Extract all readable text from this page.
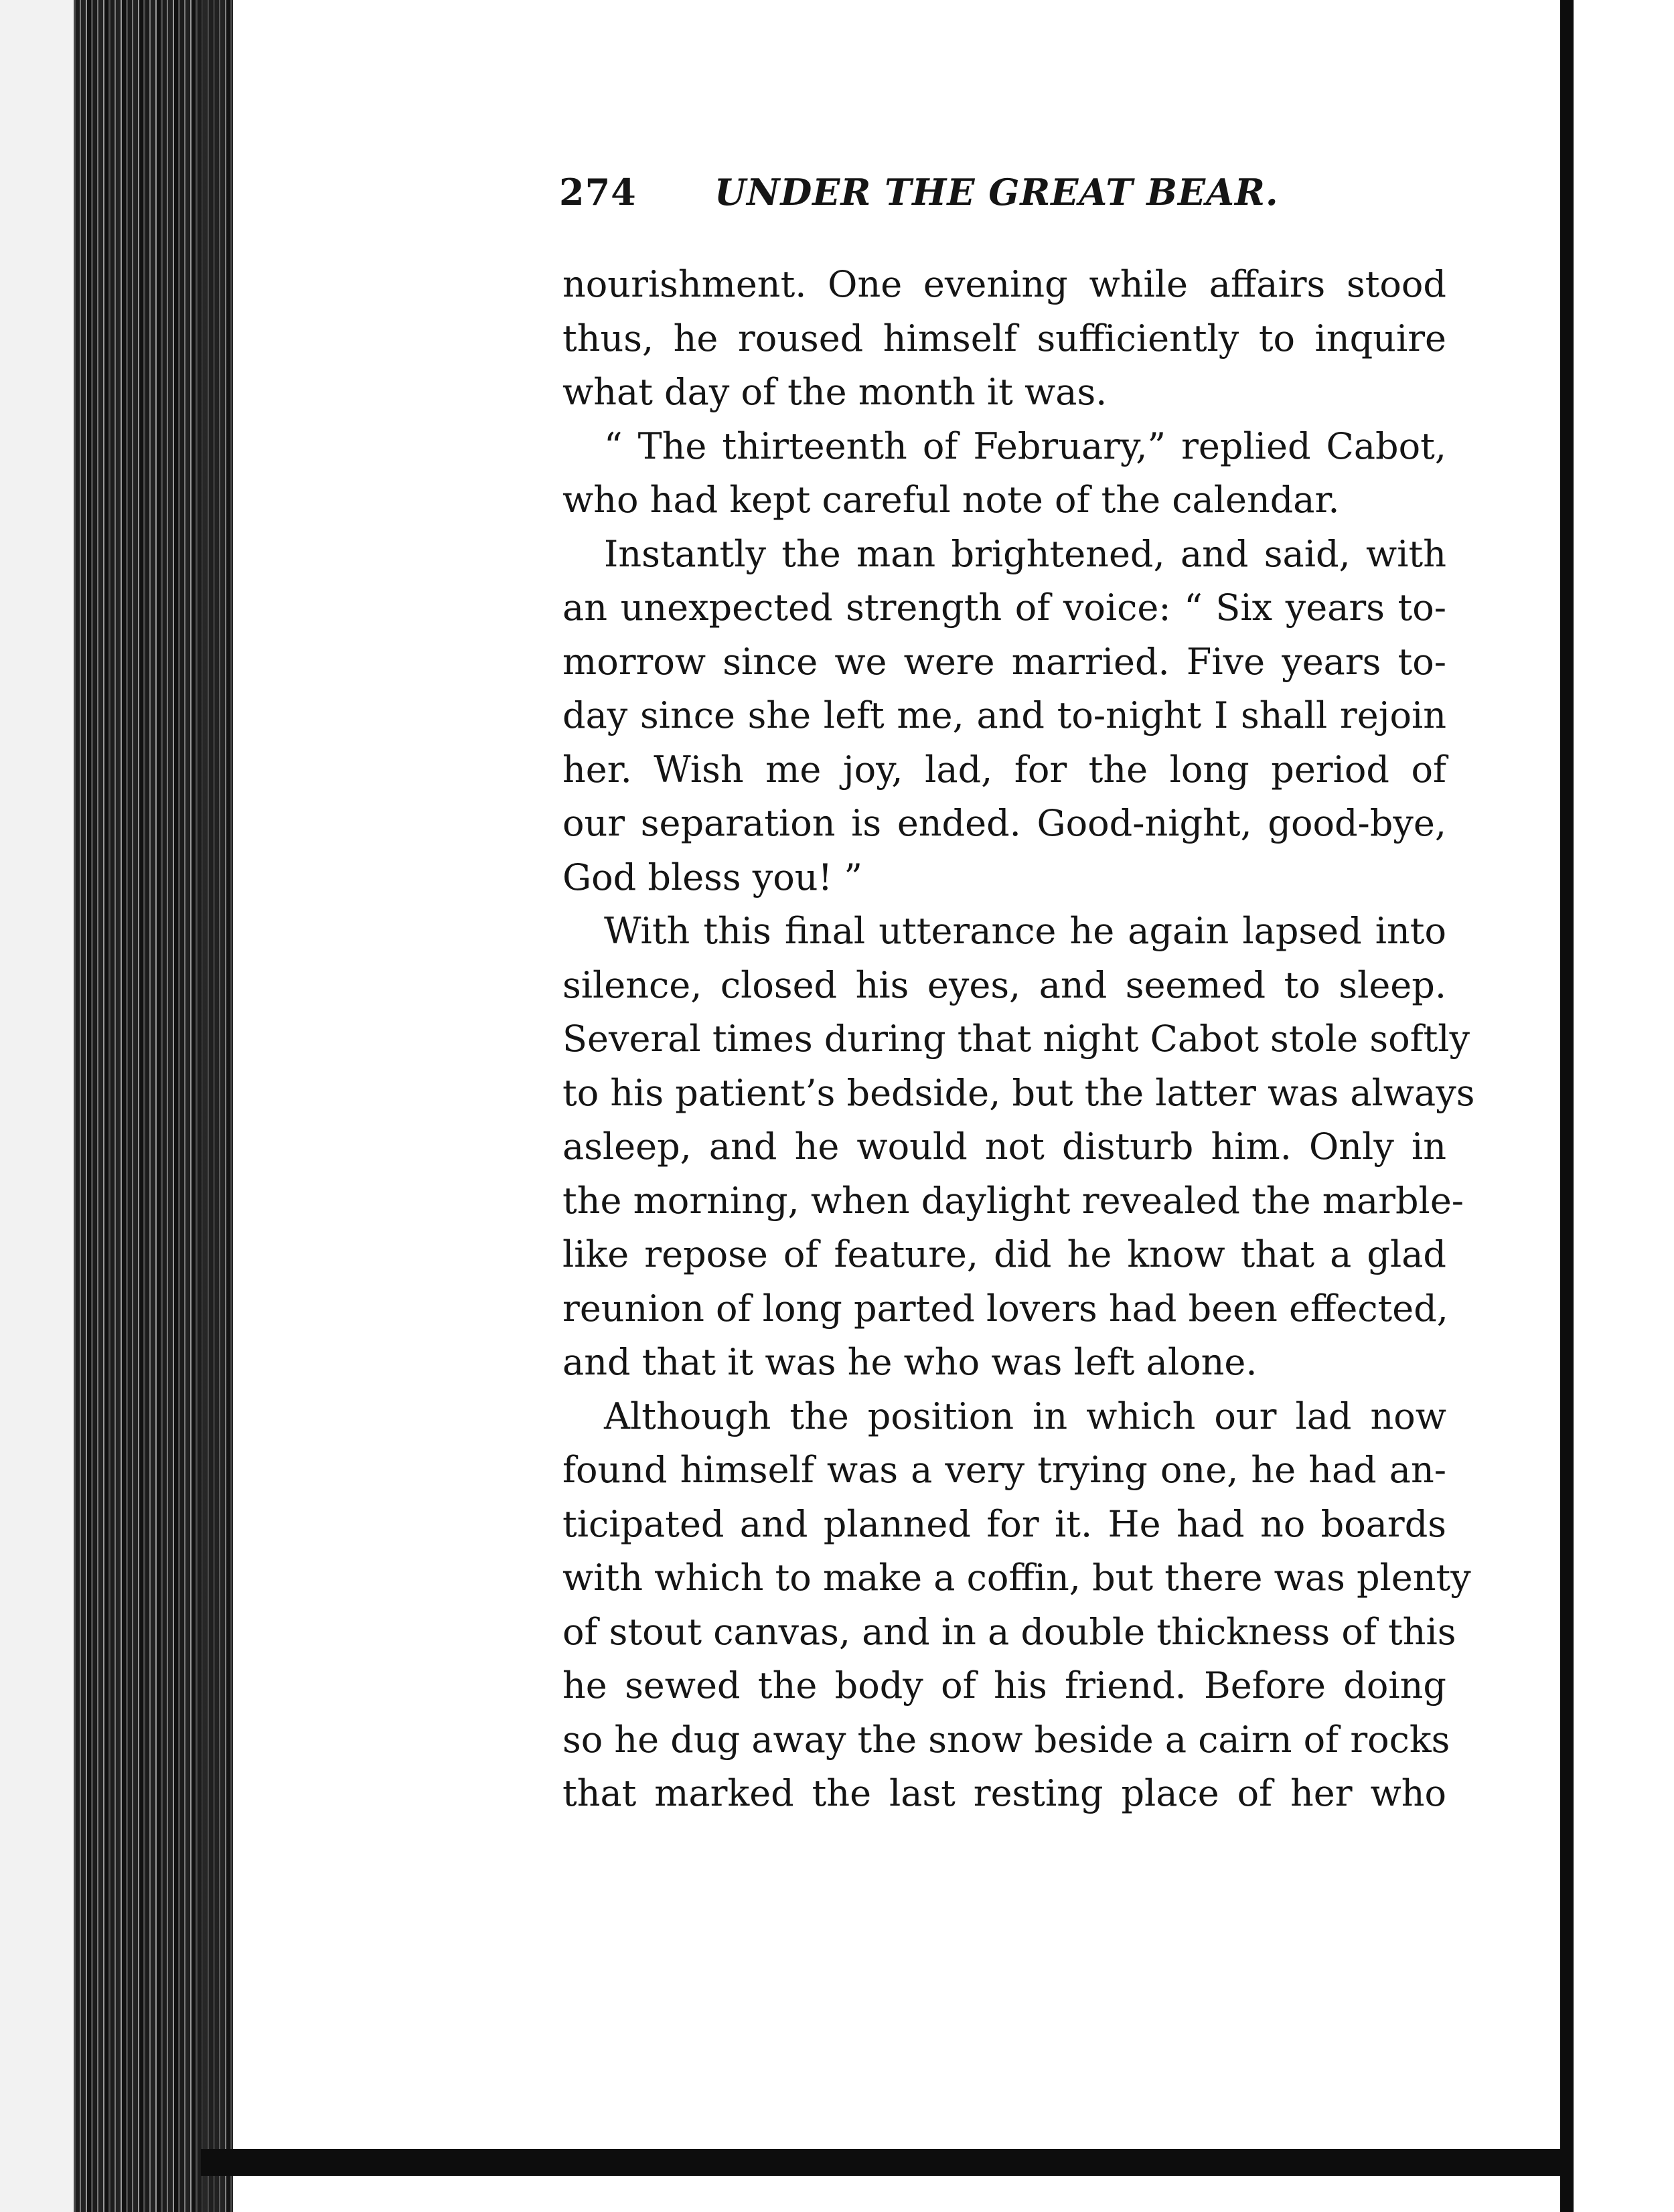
274 UNDER THE GREAT BEAR.
nourishment. One evening while affairs stood
thus, he roused himself sufficiently to inquire
what day of the month it was.
“ The thirteenth of February,” replied Cabot,
who had kept careful note of the calendar.
Instantly the man brightened, and said, with
an unexpected strength of voice: “ Six years to-
morrow since we were married. Five years to-
day since she left me, and to-night I shall rejoin
her. Wish me joy, lad, for the long period of
our separation is ended. Good-night, good-bye,
God bless you! ”
With this final utterance he again lapsed into
silence, closed his eyes, and seemed to sleep.
Several times during that night Cabot stole softly
to his patient’s bedside, but the latter was always
asleep, and he would not disturb him. Only in
the morning, when daylight revealed the marble-
like repose of feature, did he know that a glad
reunion of long parted lovers had been effected,
and that it was he who was left alone.
Although the position in which our lad now
found himself was a very trying one, he had an-
ticipated and planned for it. He had no boards
with which to make a coffin, but there was plenty
of stout canvas, and in a double thickness of this
he sewed the body of his friend. Before doing
so he dug away the snow beside a cairn of rocks
that marked the last resting place of her who
